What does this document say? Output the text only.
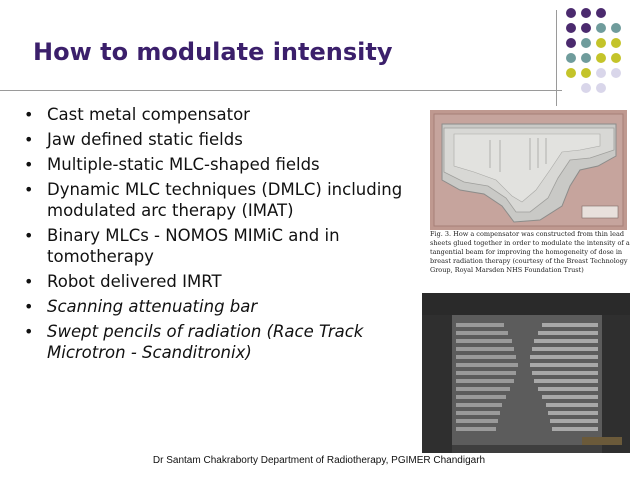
How to modulate intensity
• Cast metal compensator
• Jaw defined static fields
• Multiple-static MLC-shaped ﬁelds
• Dynamic MLC techniques (DMLC) including modulated arc therapy (IMAT)
• Binary MLCs - NOMOS MIMiC and in tomotherapy
• Robot delivered IMRT
• Scanning attenuating bar
• Swept pencils of radiation (Race Track Microtron - Scanditronix)
Fig. 3. How a compensator was constructed from thin lead sheets glued together in order to modulate the intensity of a tangential beam for improving the homogeneity of dose in breast radiation therapy (courtesy of the Breast Technology Group, Royal Marsden NHS Foundation Trust)
Dr Santam Chakraborty Department of Radiotherapy, PGIMER Chandigarh
